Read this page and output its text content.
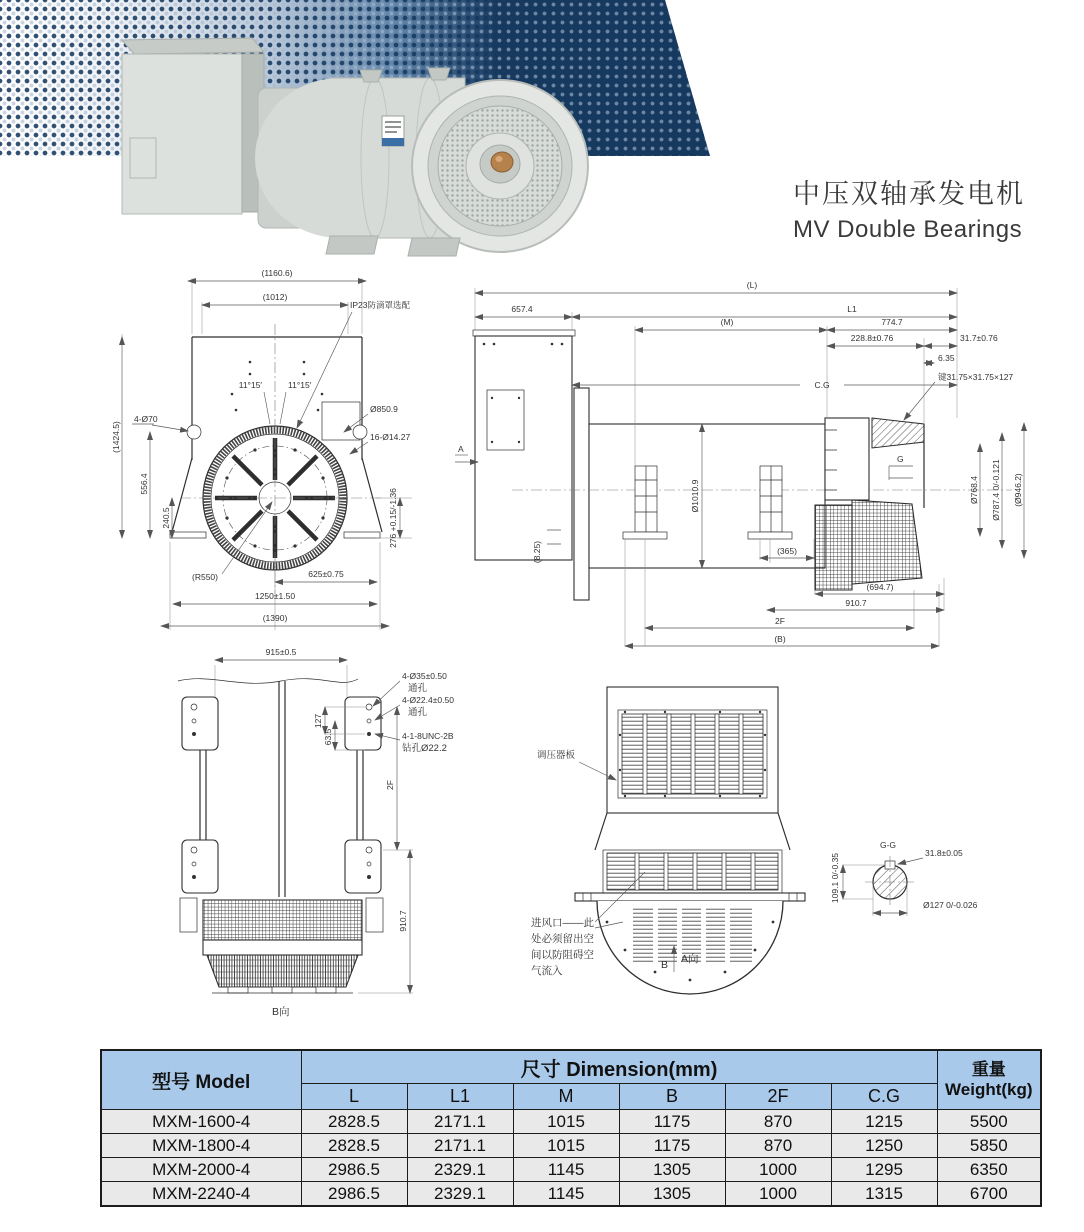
中压双轴承发电机
MV Double Bearings
(1160.6)
(1012)
(1424.5)
556.4
240.5	276 +0.15/-1.36
625±0.75
1250±1.50
(1390)
(R550)
4-Ø70
Ø850.9
16-Ø14.27
IP23防滴罩选配
11°15′	11°15′
G
A
(L)
657.4	L1
(M)	774.7
228.8±0.76	31.7±0.76
6.35
C.G
键31.75×31.75×127
Ø1010.9	Ø768.4 Ø787.4 0/-0.121 (Ø946.2)
(8.25)	(365)
(694.7)
910.7
2F
(B)
915±0.5
4-Ø35±0.50
通孔
4-Ø22.4±0.50
通孔
4-1-8UNC-2B
钻孔Ø22.2
127
63.5
2F
910.7
B向
调压器板
进风口——此
处必须留出空
间以防阻碍空
气流入	B A向
G-G
109.1 0/-0.35	31.8±0.05
Ø127 0/-0.026
型号 Model	尺寸 Dimension(mm)						重量
Weight(kg)
	L	L1	M	B	2F	C.G	
MXM-1600-4	2828.5	2171.1	1015	1175	870	1215	5500
MXM-1800-4	2828.5	2171.1	1015	1175	870	1250	5850
MXM-2000-4	2986.5	2329.1	1145	1305	1000	1295	6350
MXM-2240-4	2986.5	2329.1	1145	1305	1000	1315	6700
